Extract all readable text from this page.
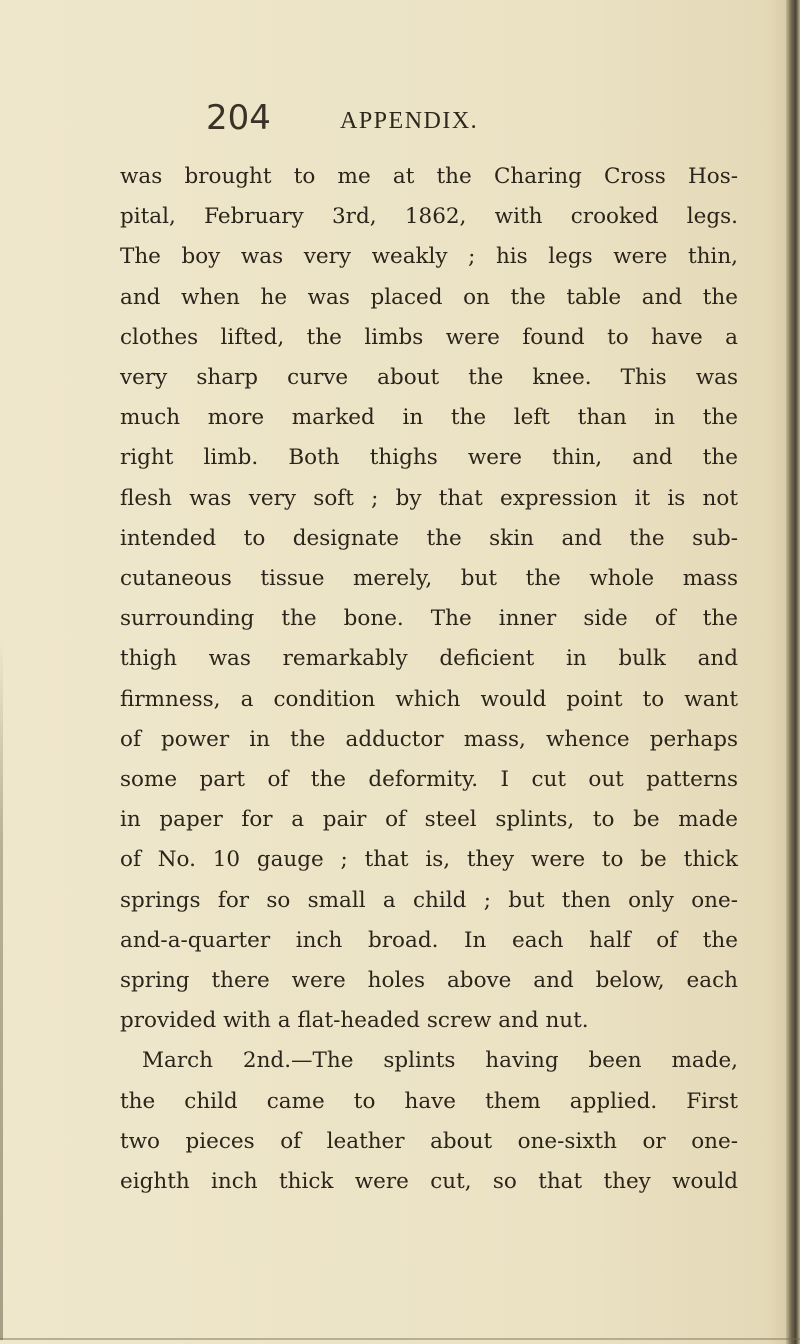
204	APPENDIX.
was brought to me at the Charing Cross Hos-
pital, February 3rd, 1862, with crooked legs.
The boy was very weakly ; his legs were thin,
and when he was placed on the table and the
clothes lifted, the limbs were found to have a
very sharp curve about the knee. This was
much more marked in the left than in the
right limb. Both thighs were thin, and the
flesh was very soft ; by that expression it is not
intended to designate the skin and the sub-
cutaneous tissue merely, but the whole mass
surrounding the bone. The inner side of the
thigh was remarkably deficient in bulk and
firmness, a condition which would point to want
of power in the adductor mass, whence perhaps
some part of the deformity. I cut out patterns
in paper for a pair of steel splints, to be made
of No. 10 gauge ; that is, they were to be thick
springs for so small a child ; but then only one-
and-a-quarter inch broad. In each half of the
spring there were holes above and below, each
provided with a flat-headed screw and nut.
March 2nd.—The splints having been made,
the child came to have them applied. First
two pieces of leather about one-sixth or one-
eighth inch thick were cut, so that they would
